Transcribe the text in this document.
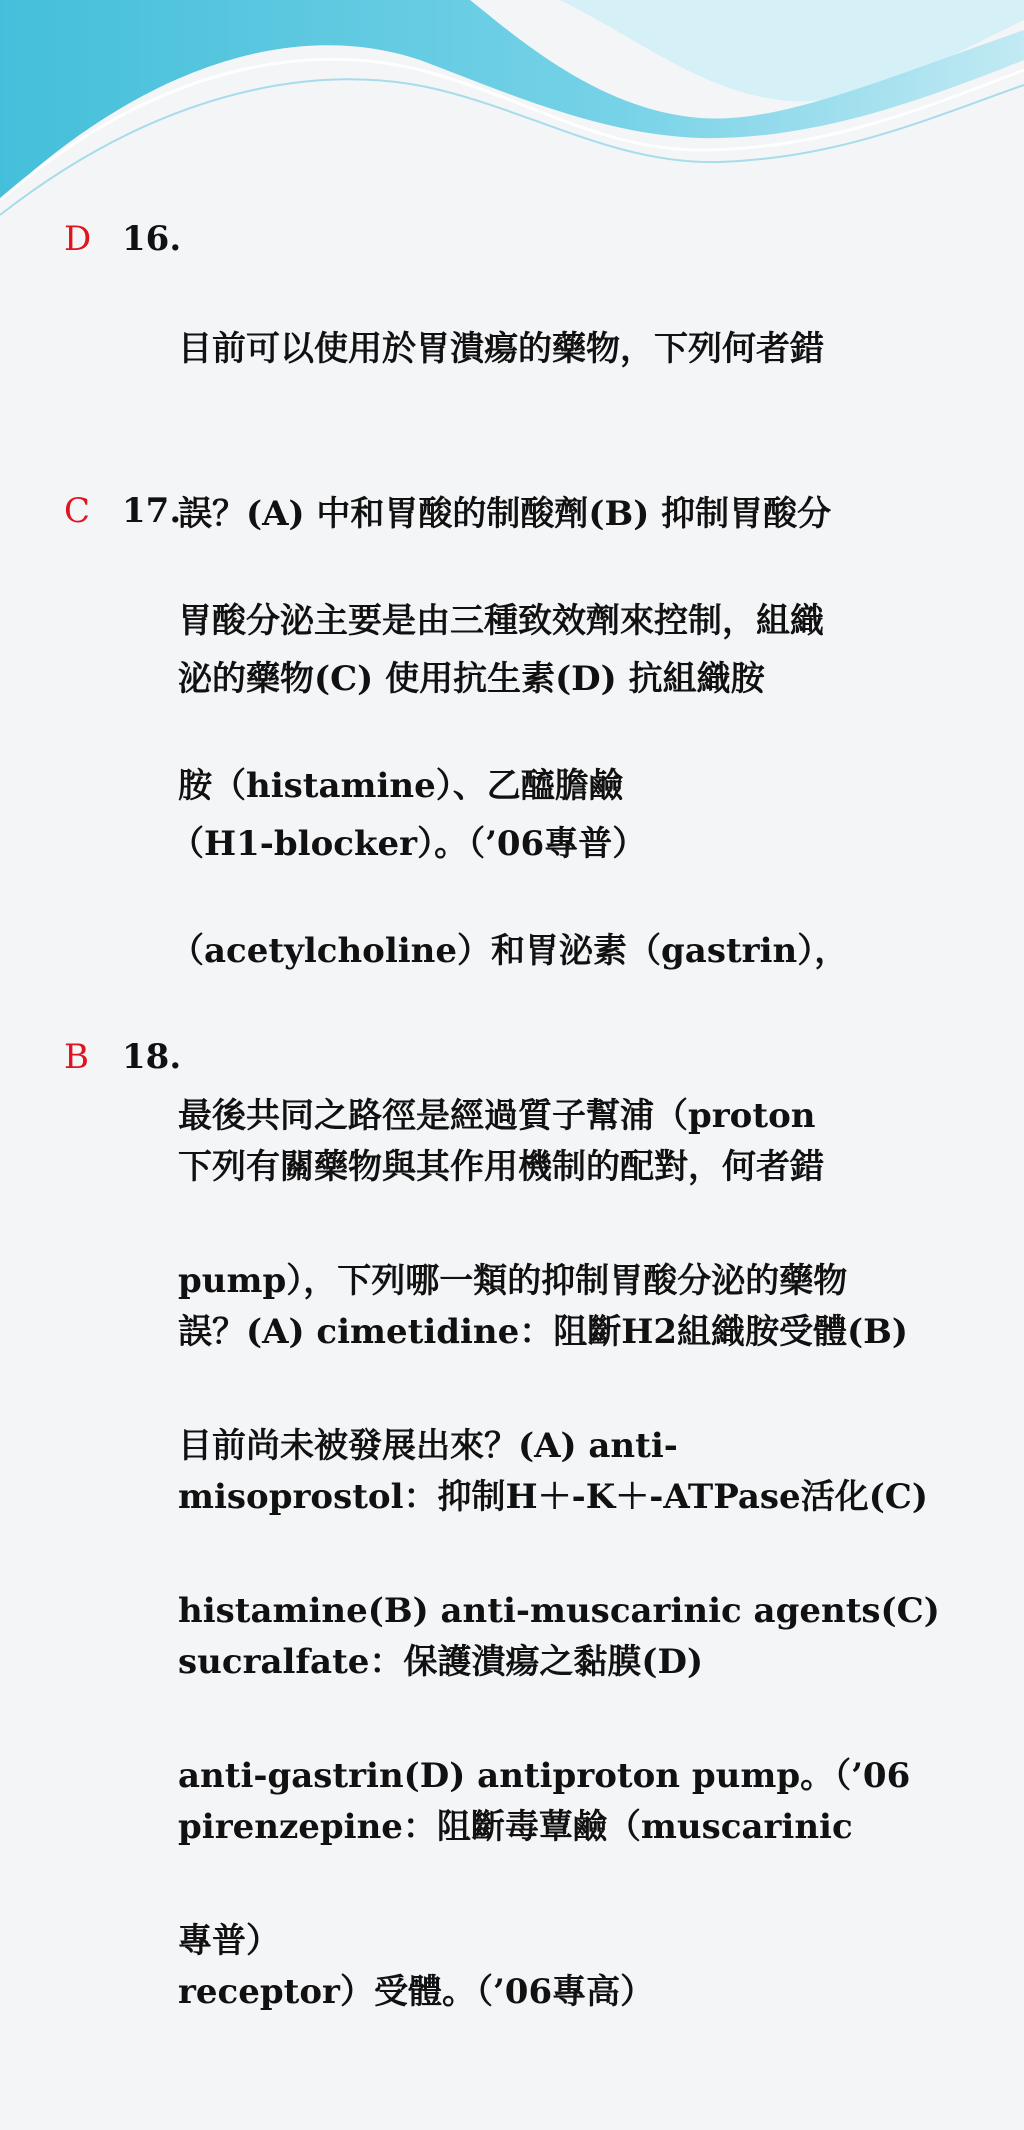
D 16.

目前可以使用於胃潰瘍的藥物，下列何者錯

誤？(A) 中和胃酸的制酸劑(B) 抑制胃酸分

泌的藥物(C) 使用抗生素(D) 抗組織胺

（H1-blocker）。（’06專普）

C 17.

胃酸分泌主要是由三種致效劑來控制，組織

胺（histamine）、乙醯膽鹼

（acetylcholine）和胃泌素（gastrin），

最後共同之路徑是經過質子幫浦（proton

pump），下列哪一類的抑制胃酸分泌的藥物

目前尚未被發展出來？(A) anti-

histamine(B) anti-muscarinic agents(C)

anti-gastrin(D) antiproton pump。（’06

專普）

B 18.

下列有關藥物與其作用機制的配對，何者錯

誤？(A) cimetidine：阻斷H2組織胺受體(B)

misoprostol：抑制H＋-K＋-ATPase活化(C)

sucralfate：保護潰瘍之黏膜(D)

pirenzepine：阻斷毒蕈鹼（muscarinic

receptor）受體。（’06專高）
